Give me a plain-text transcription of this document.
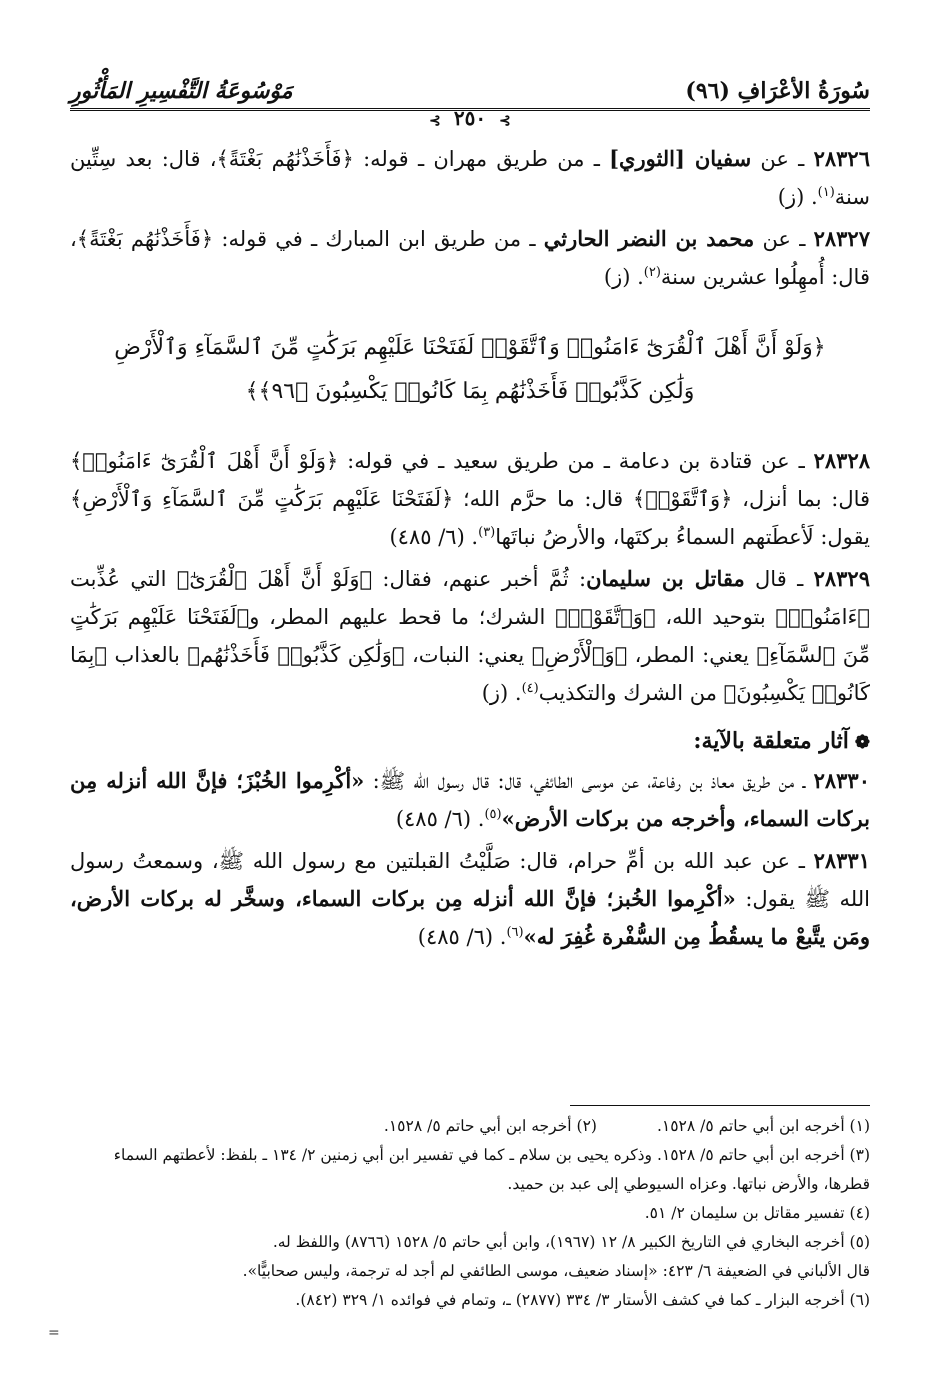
سُورَةُ الأعْرَافِ (٩٦)
مَوْسُوعَةُ التَّفْسِيرِ المَأْثُورِ
⊱ ٢٥٠ ⊱

٢٨٣٢٦ ـ عن سفيان [الثوري] ـ من طريق مهران ـ قوله: ﴿فَأَخَذْنَٰهُم بَغْتَةً﴾، قال: بعد سِتِّين سنة$^{(١)}$. (ز)

٢٨٣٢٧ ـ عن محمد بن النضر الحارثي ـ من طريق ابن المبارك ـ في قوله: ﴿فَأَخَذْنَٰهُم بَغْتَةً﴾، قال: أُمهِلُوا عشرين سنة$^{(٢)}$. (ز)

﴿وَلَوْ أَنَّ أَهْلَ ٱلْقُرَىٰٓ ءَامَنُوا۟ وَٱتَّقَوْا۟ لَفَتَحْنَا عَلَيْهِم بَرَكَٰتٍ مِّنَ ٱلسَّمَآءِ وَٱلْأَرْضِ
وَلَٰكِن كَذَّبُوا۟ فَأَخَذْنَٰهُم بِمَا كَانُوا۟ يَكْسِبُونَ ﴿٩٦﴾﴾

٢٨٣٢٨ ـ عن قتادة بن دعامة ـ من طريق سعيد ـ في قوله: ﴿وَلَوْ أَنَّ أَهْلَ ٱلْقُرَىٰٓ ءَامَنُوا۟﴾ قال: بما أنزل، ﴿وَٱتَّقَوْا۟﴾ قال: ما حرَّم الله؛ ﴿لَفَتَحْنَا عَلَيْهِم بَرَكَٰتٍ مِّنَ ٱلسَّمَآءِ وَٱلْأَرْضِ﴾ يقول: لَأعطَتهم السماءُ بركتَها، والأرضُ نباتَها$^{(٣)}$. (٦/ ٤٨٥)

٢٨٣٢٩ ـ قال مقاتل بن سليمان: ثُمَّ أخبر عنهم، فقال: ﴿وَلَوْ أَنَّ أَهْلَ ٱلْقُرَىٰٓ﴾ التي عُذِّبت ﴿ءَامَنُوا۟﴾ بتوحيد الله، ﴿وَٱتَّقَوْا۟﴾ الشرك؛ ما قحط عليهم المطر، و﴿لَفَتَحْنَا عَلَيْهِم بَرَكَٰتٍ مِّنَ ٱلسَّمَآءِ﴾ يعني: المطر، ﴿وَٱلْأَرْضِ﴾ يعني: النبات، ﴿وَلَٰكِن كَذَّبُوا۟ فَأَخَذْنَٰهُم﴾ بالعذاب ﴿بِمَا كَانُوا۟ يَكْسِبُونَ﴾ من الشرك والتكذيب$^{(٤)}$. (ز)

❁آثار متعلقة بالآية:

٢٨٣٣٠ ـ من طريق معاذ بن رفاعة، عن موسى الطائفي، قال: قال رسول الله ﷺ: «أكْرِموا الخُبْزَ؛ فإنَّ الله أنزله مِن بركات السماء، وأخرجه من بركات الأرض»$^{(٥)}$. (٦/ ٤٨٥)

٢٨٣٣١ ـ عن عبد الله بن أمِّ حرام، قال: صَلَّيْتُ القبلتين مع رسول الله ﷺ، وسمعتُ رسول الله ﷺ يقول: «أكْرِموا الخُبز؛ فإنَّ الله أنزله مِن بركات السماء، وسخَّر له بركات الأرض، ومَن يتَّبعْ ما يسقُطُ مِن السُّفْرة غُفِرَ له»$^{(٦)}$. (٦/ ٤٨٥)

(١) أخرجه ابن أبي حاتم ٥/ ١٥٢٨.
(٢) أخرجه ابن أبي حاتم ٥/ ١٥٢٨.
(٣) أخرجه ابن أبي حاتم ٥/ ١٥٢٨. وذكره يحيى بن سلام ـ كما في تفسير ابن أبي زمنين ٢/ ١٣٤ ـ بلفظ: لأعطتهم السماء قطرها، والأرض نباتها. وعزاه السيوطي إلى عبد بن حميد.
(٤) تفسير مقاتل بن سليمان ٢/ ٥١.
(٥) أخرجه البخاري في التاريخ الكبير ٨/ ١٢ (١٩٦٧)، وابن أبي حاتم ٥/ ١٥٢٨ (٨٧٦٦) واللفظ له.
قال الألباني في الضعيفة ٦/ ٤٢٣: «إسناد ضعيف، موسى الطائفي لم أجد له ترجمة، وليس صحابيًّا».
(٦) أخرجه البزار ـ كما في كشف الأستار ٣/ ٣٣٤ (٢٨٧٧) ـ، وتمام في فوائده ١/ ٣٢٩ (٨٤٢).
=
